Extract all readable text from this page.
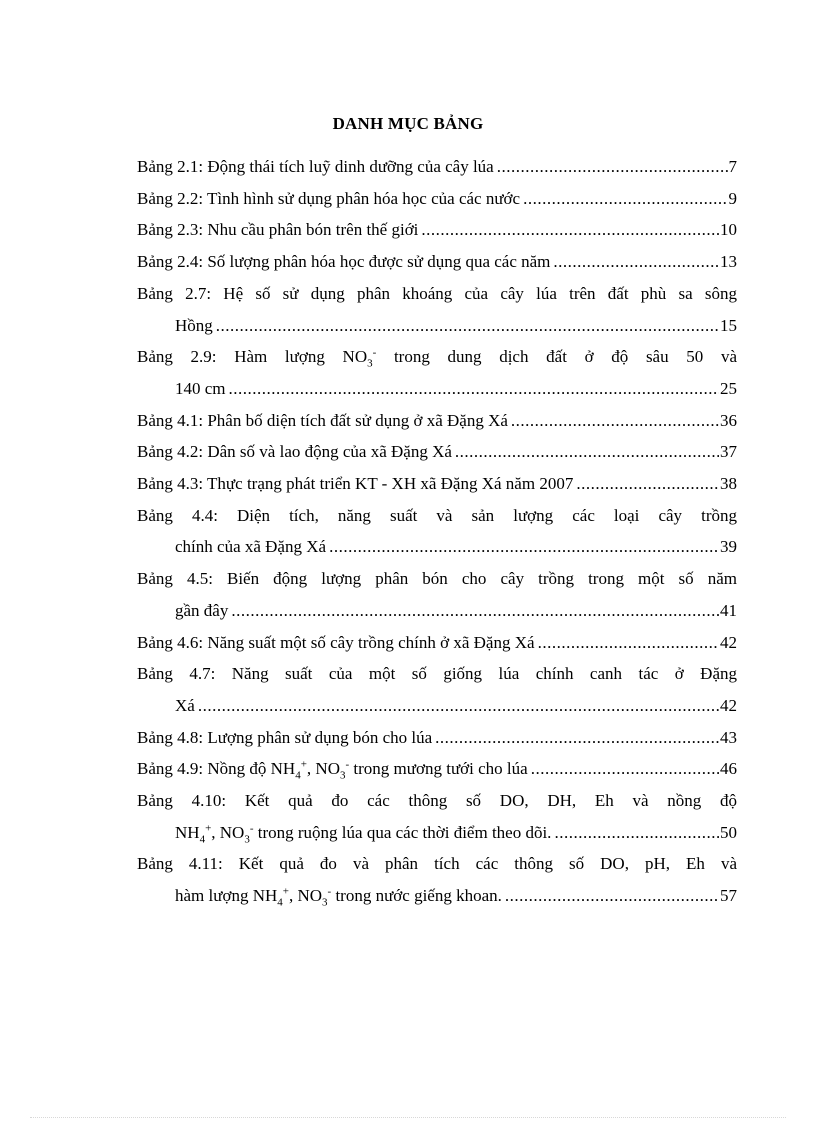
DANH MỤC BẢNG
Bảng 2.1: Động thái tích luỹ dinh dưỡng của cây lúa .....	7
Bảng 2.2: Tình hình sử dụng phân hóa học của các nước .....	9
Bảng 2.3: Nhu cầu phân bón trên thế giới .....	10
Bảng 2.4: Số lượng phân hóa học được sử dụng qua các năm .....	13
Bảng 2.7: Hệ số sử dụng phân khoáng của cây lúa trên đất phù sa sông
Hồng .....	15
Bảng 2.9: Hàm lượng $NO_3^-$ trong dung dịch đất ở độ sâu 50 và
140 cm .....	25
Bảng 4.1: Phân bố diện tích đất sử dụng ở xã Đặng Xá .....	36
Bảng 4.2: Dân số và lao động của xã Đặng Xá .....	37
Bảng 4.3: Thực trạng phát triển KT - XH xã Đặng Xá năm 2007 .....	38
Bảng 4.4: Diện tích, năng suất và sản lượng các loại cây trồng
chính của xã Đặng Xá .....	39
Bảng 4.5: Biến động lượng phân bón cho cây trồng trong một số năm
gần đây .....	41
Bảng 4.6: Năng suất một số cây trồng chính ở xã Đặng Xá .....	42
Bảng 4.7: Năng suất của một số giống lúa chính canh tác ở Đặng
Xá .....	42
Bảng 4.8: Lượng phân sử dụng bón cho lúa .....	43
Bảng 4.9: Nồng độ $NH_4^+$, $NO_3^-$ trong mương tưới cho lúa .....	46
Bảng 4.10: Kết quả đo các thông số DO, DH, Eh và nồng độ
$NH_4^+$, $NO_3^-$ trong ruộng lúa qua các thời điểm theo dõi. .....	50
Bảng 4.11: Kết quả đo và phân tích các thông số DO, pH, Eh và
hàm lượng $NH_4^+$, $NO_3^-$ trong nước giếng khoan. .....	57
